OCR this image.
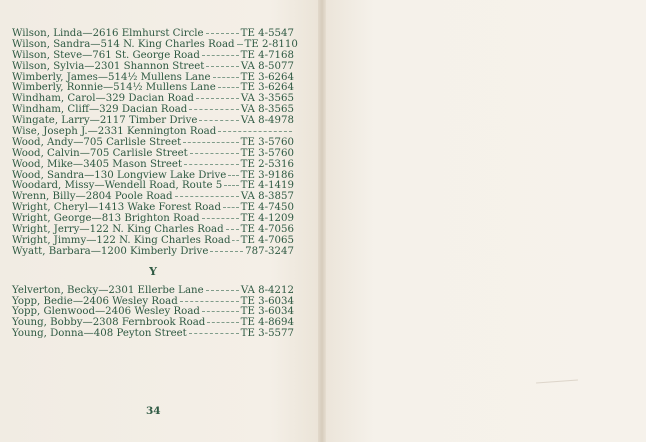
Wilson, Linda—2616 Elmhurst Circle	TE 4-5547
Wilson, Sandra—514 N. King Charles Road TE 2-8110
Wilson, Steve—761 St. George Road	TE 4-7168
Wilson, Sylvia—2301 Shannon Street	VA 8-5077
Wimberly, James—514½ Mullens Lane	TE 3-6264
Wimberly, Ronnie—514½ Mullens Lane TE 3-6264
Windham, Carol—329 Dacian Road	VA 3-3565
Windham, Cliff—329 Dacian Road	VA 8-3565
Wingate, Larry—2117 Timber Drive	VA 8-4978
Wise, Joseph J.—2331 Kennington Road
Wood, Andy—705 Carlisle Street	TE 3-5760
Wood, Calvin—705 Carlisle Street	TE 3-5760
Wood, Mike—3405 Mason Street	TE 2-5316
Wood, Sandra—130 Longview Lake Drive TE 3-9186
Woodard, Missy—Wendell Road, Route 5 TE 4-1419
Wrenn, Billy—2804 Poole Road	VA 8-3857
Wright, Cheryl—1413 Wake Forest Road TE 4-7450
Wright, George—813 Brighton Road	TE 4-1209
Wright, Jerry—122 N. King Charles Road TE 4-7056
Wright, Jimmy—122 N. King Charles Road TE 4-7065
Wyatt, Barbara—1200 Kimberly Drive	787-3247
Y
Yelverton, Becky—2301 Ellerbe Lane	VA 8-4212
Yopp, Bedie—2406 Wesley Road	TE 3-6034
Yopp, Glenwood—2406 Wesley Road	TE 3-6034
Young, Bobby—2308 Fernbrook Road	TE 4-8694
Young, Donna—408 Peyton Street	TE 3-5577
34
